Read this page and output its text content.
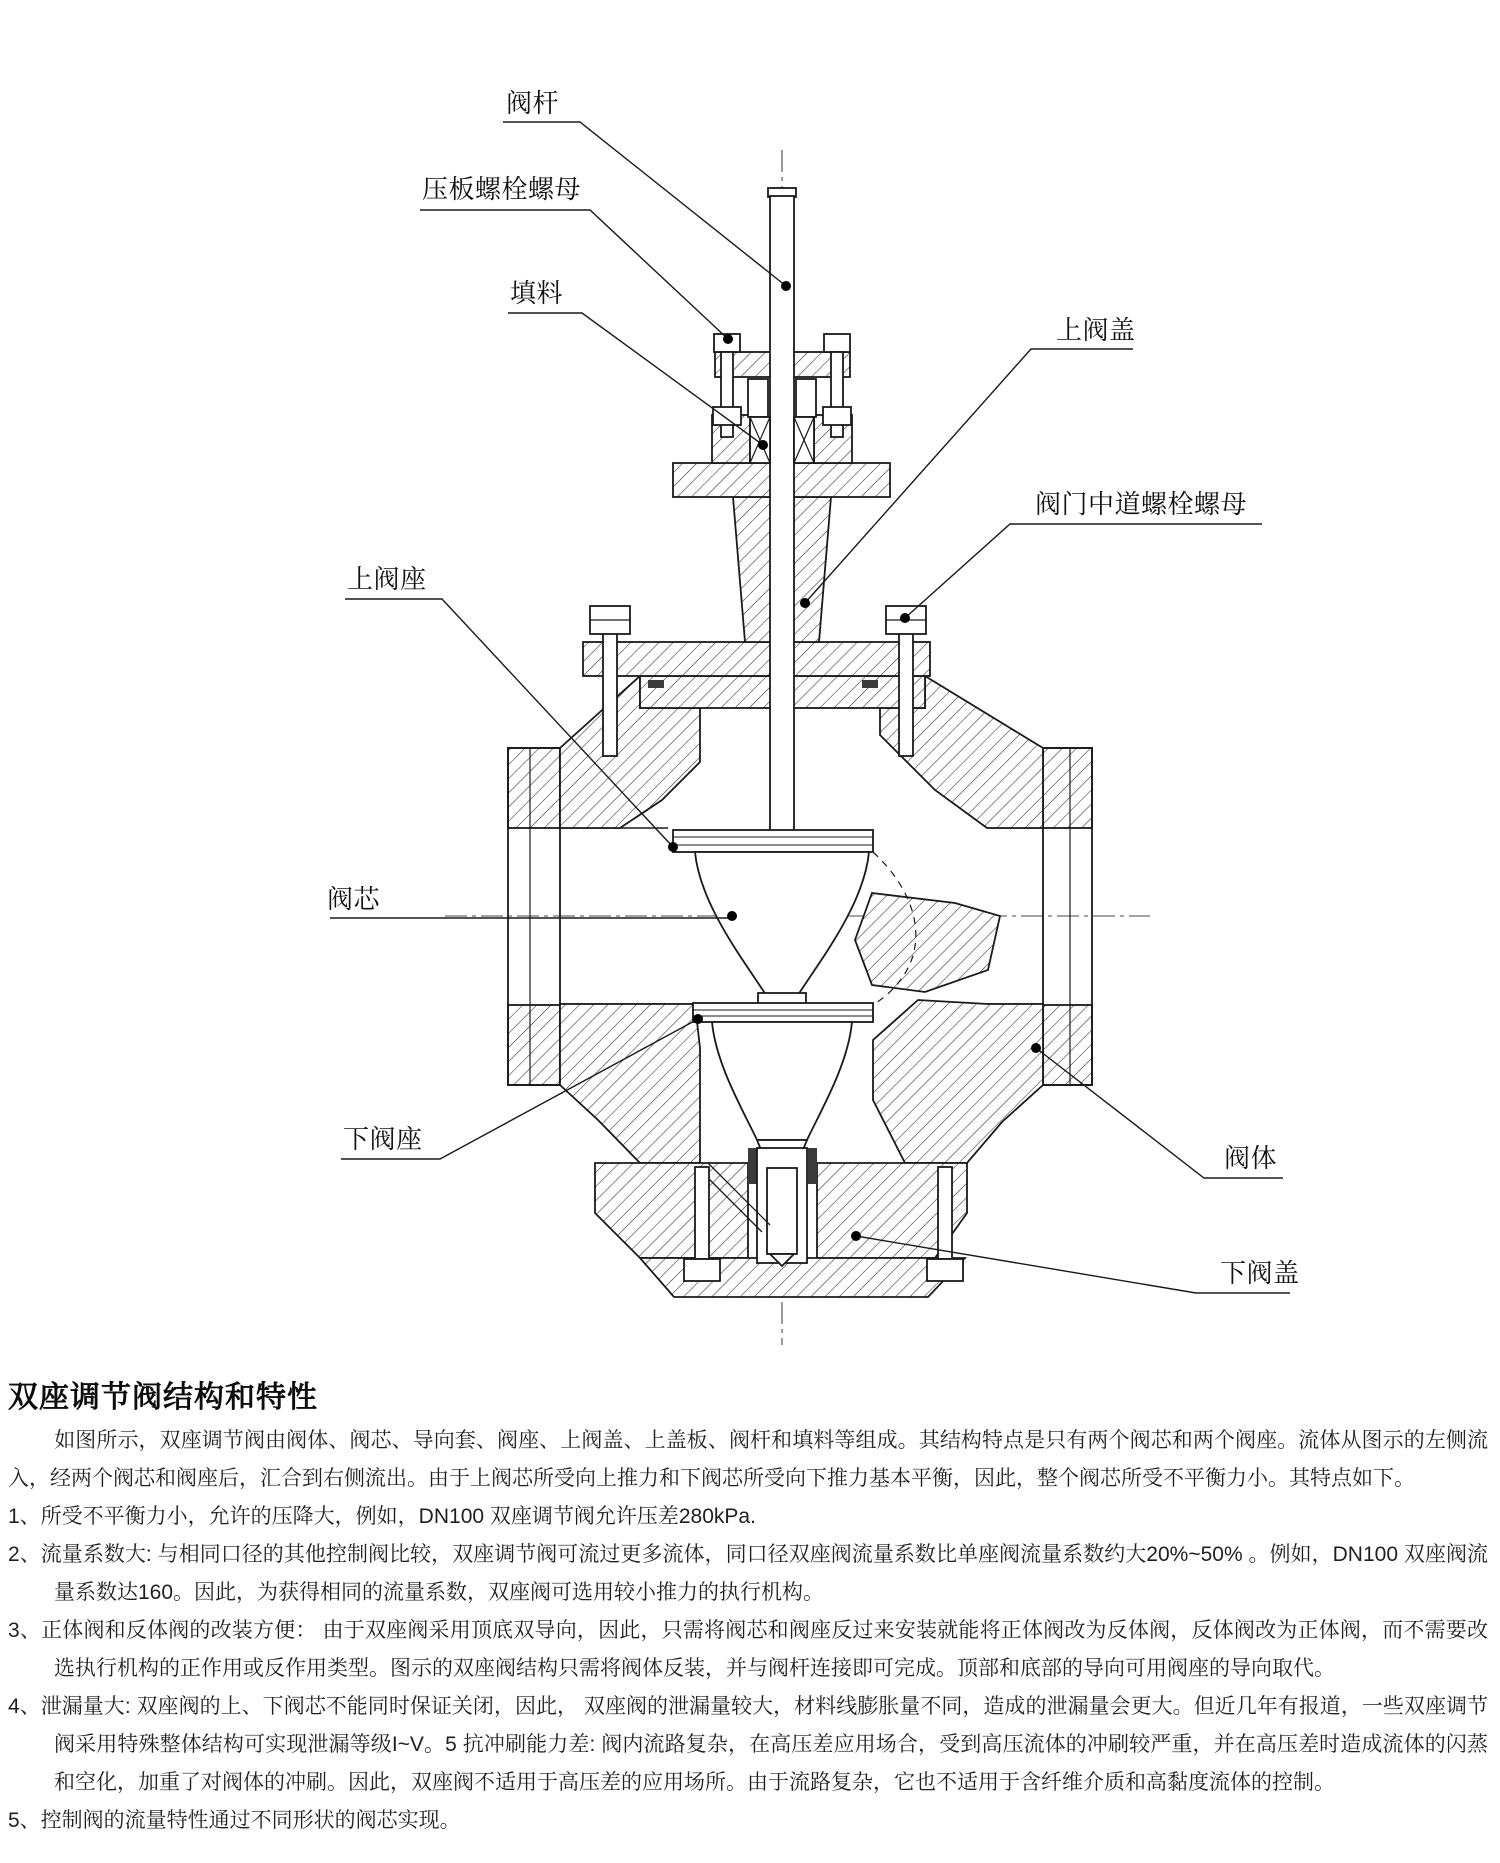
阀杆
压板螺栓螺母
填料
上阀盖
阀门中道螺栓螺母
上阀座
阀芯
下阀座
阀体
下阀盖
双座调节阀结构和特性

如图所示，双座调节阀由阀体、阀芯、导向套、阀座、上阀盖、上盖板、阀杆和填料等组成。其结构特点是只有两个阀芯和两个阀座。流体从图示的左侧流入，经两个阀芯和阀座后，汇合到右侧流出。由于上阀芯所受向上推力和下阀芯所受向下推力基本平衡，因此，整个阀芯所受不平衡力小。其特点如下。

1、所受不平衡力小，允许的压降大，例如，DN100 双座调节阀允许压差280kPa.
2、流量系数大: 与相同口径的其他控制阀比较，双座调节阀可流过更多流体，同口径双座阀流量系数比单座阀流量系数约大20%~50% 。例如，DN100 双座阀流量系数达160。因此，为获得相同的流量系数，双座阀可选用较小推力的执行机构。
3、正体阀和反体阀的改装方便： 由于双座阀采用顶底双导向，因此，只需将阀芯和阀座反过来安装就能将正体阀改为反体阀，反体阀改为正体阀，而不需要改选执行机构的正作用或反作用类型。图示的双座阀结构只需将阀体反装，并与阀杆连接即可完成。顶部和底部的导向可用阀座的导向取代。
4、泄漏量大: 双座阀的上、下阀芯不能同时保证关闭，因此， 双座阀的泄漏量较大，材料线膨胀量不同，造成的泄漏量会更大。但近几年有报道，一些双座调节阀采用特殊整体结构可实现泄漏等级I~V。5 抗冲刷能力差: 阀内流路复杂，在高压差应用场合，受到高压流体的冲刷较严重，并在高压差时造成流体的闪蒸和空化，加重了对阀体的冲刷。因此，双座阀不适用于高压差的应用场所。由于流路复杂，它也不适用于含纤维介质和高黏度流体的控制。
5、控制阀的流量特性通过不同形状的阀芯实现。
